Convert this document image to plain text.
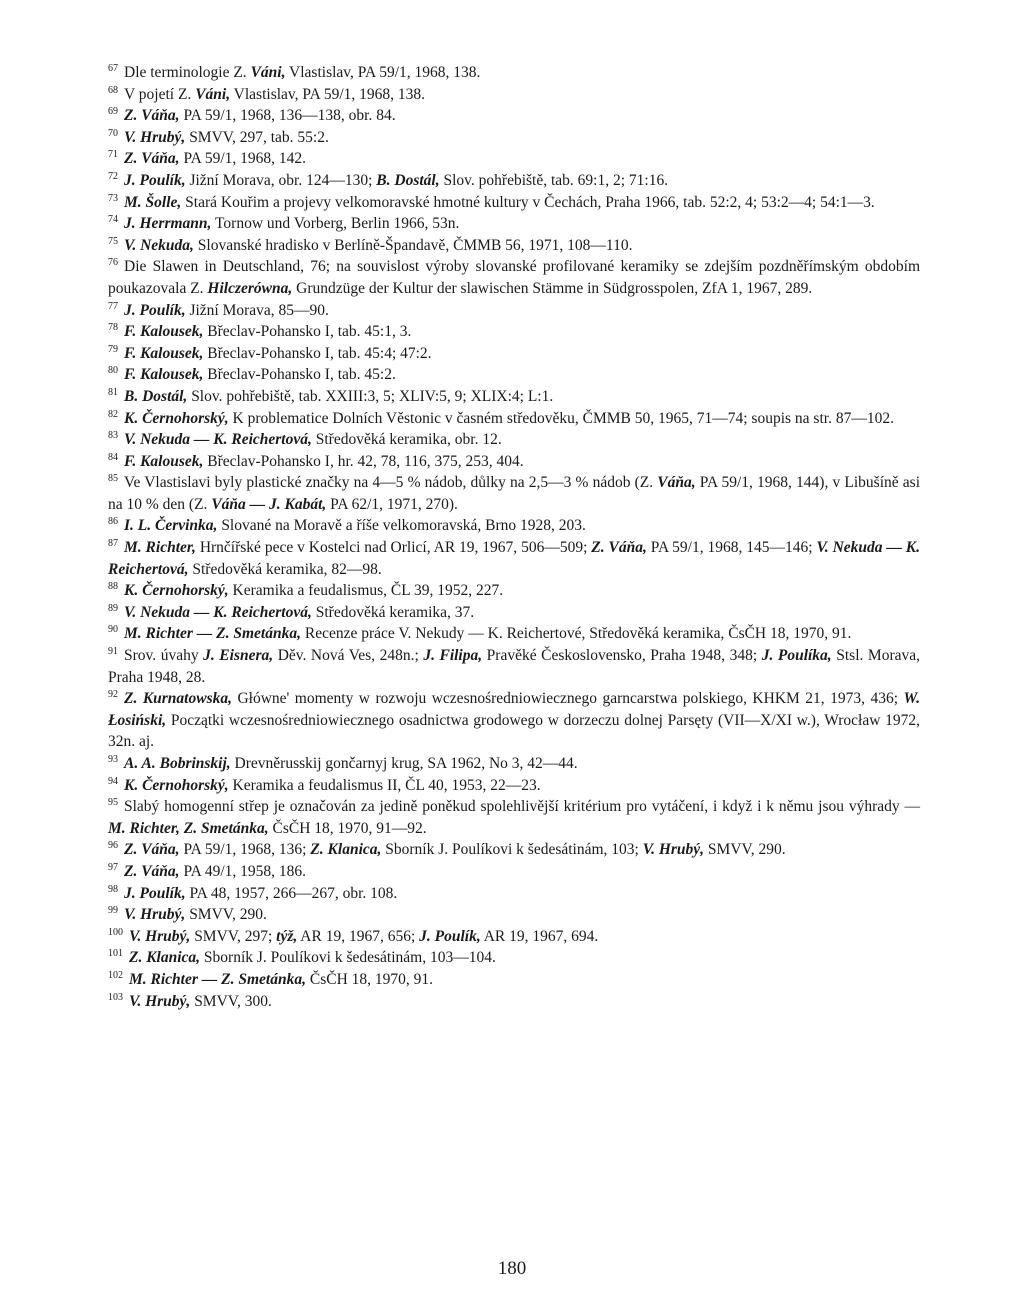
$^{67}$ Dle terminologie Z. Váni, Vlastislav, PA 59/1, 1968, 138.

$^{68}$ V pojetí Z. Váni, Vlastislav, PA 59/1, 1968, 138.

$^{69}$ Z. Váňa, PA 59/1, 1968, 136—138, obr. 84.

$^{70}$ V. Hrubý, SMVV, 297, tab. 55:2.

$^{71}$ Z. Váňa, PA 59/1, 1968, 142.

$^{72}$ J. Poulík, Jižní Morava, obr. 124—130; B. Dostál, Slov. pohřebiště, tab. 69:1, 2; 71:16.

$^{73}$ M. Šolle, Stará Kouřim a projevy velkomoravské hmotné kultury v Čechách, Praha 1966, tab. 52:2, 4; 53:2—4; 54:1—3.

$^{74}$ J. Herrmann, Tornow und Vorberg, Berlin 1966, 53n.

$^{75}$ V. Nekuda, Slovanské hradisko v Berlíně-Špandavě, ČMMB 56, 1971, 108—110.

$^{76}$ Die Slawen in Deutschland, 76; na souvislost výroby slovanské profilované keramiky se zdejším pozdněřímským obdobím poukazovala Z. Hilczerówna, Grundzüge der Kultur der slawischen Stämme in Südgrosspolen, ZfA 1, 1967, 289.

$^{77}$ J. Poulík, Jižní Morava, 85—90.

$^{78}$ F. Kalousek, Břeclav-Pohansko I, tab. 45:1, 3.

$^{79}$ F. Kalousek, Břeclav-Pohansko I, tab. 45:4; 47:2.

$^{80}$ F. Kalousek, Břeclav-Pohansko I, tab. 45:2.

$^{81}$ B. Dostál, Slov. pohřebiště, tab. XXIII:3, 5; XLIV:5, 9; XLIX:4; L:1.

$^{82}$ K. Černohorský, K problematice Dolních Věstonic v časném středověku, ČMMB 50, 1965, 71—74; soupis na str. 87—102.

$^{83}$ V. Nekuda — K. Reichertová, Středověká keramika, obr. 12.

$^{84}$ F. Kalousek, Břeclav-Pohansko I, hr. 42, 78, 116, 375, 253, 404.

$^{85}$ Ve Vlastislavi byly plastické značky na 4—5 % nádob, důlky na 2,5—3 % nádob (Z. Váňa, PA 59/1, 1968, 144), v Libušíně asi na 10 % den (Z. Váňa — J. Kabát, PA 62/1, 1971, 270).

$^{86}$ I. L. Červinka, Slované na Moravě a říše velkomoravská, Brno 1928, 203.

$^{87}$ M. Richter, Hrnčířské pece v Kostelci nad Orlicí, AR 19, 1967, 506—509; Z. Váňa, PA 59/1, 1968, 145—146; V. Nekuda — K. Reichertová, Středověká keramika, 82—98.

$^{88}$ K. Černohorský, Keramika a feudalismus, ČL 39, 1952, 227.

$^{89}$ V. Nekuda — K. Reichertová, Středověká keramika, 37.

$^{90}$ M. Richter — Z. Smetánka, Recenze práce V. Nekudy — K. Reichertové, Středověká keramika, ČsČH 18, 1970, 91.

$^{91}$ Srov. úvahy J. Eisnera, Děv. Nová Ves, 248n.; J. Filipa, Pravěké Československo, Praha 1948, 348; J. Poulíka, Stsl. Morava, Praha 1948, 28.

$^{92}$ Z. Kurnatowska, Główne' momenty w rozwoju wczesnośredniowiecznego garncarstwa polskiego, KHKM 21, 1973, 436; W. Łosiński, Początki wczesnośredniowiecznego osadnictwa grodowego w dorzeczu dolnej Parsęty (VII—X/XI w.), Wrocław 1972, 32n. aj.

$^{93}$ A. A. Bobrinskij, Drevněrusskij gončarnyj krug, SA 1962, No 3, 42—44.

$^{94}$ K. Černohorský, Keramika a feudalismus II, ČL 40, 1953, 22—23.

$^{95}$ Slabý homogenní střep je označován za jedině poněkud spolehlivější kritérium pro vytáčení, i když i k němu jsou výhrady — M. Richter, Z. Smetánka, ČsČH 18, 1970, 91—92.

$^{96}$ Z. Váňa, PA 59/1, 1968, 136; Z. Klanica, Sborník J. Poulíkovi k šedesátinám, 103; V. Hrubý, SMVV, 290.

$^{97}$ Z. Váňa, PA 49/1, 1958, 186.

$^{98}$ J. Poulík, PA 48, 1957, 266—267, obr. 108.

$^{99}$ V. Hrubý, SMVV, 290.

$^{100}$ V. Hrubý, SMVV, 297; týž, AR 19, 1967, 656; J. Poulík, AR 19, 1967, 694.

$^{101}$ Z. Klanica, Sborník J. Poulíkovi k šedesátinám, 103—104.

$^{102}$ M. Richter — Z. Smetánka, ČsČH 18, 1970, 91.

$^{103}$ V. Hrubý, SMVV, 300.

180
